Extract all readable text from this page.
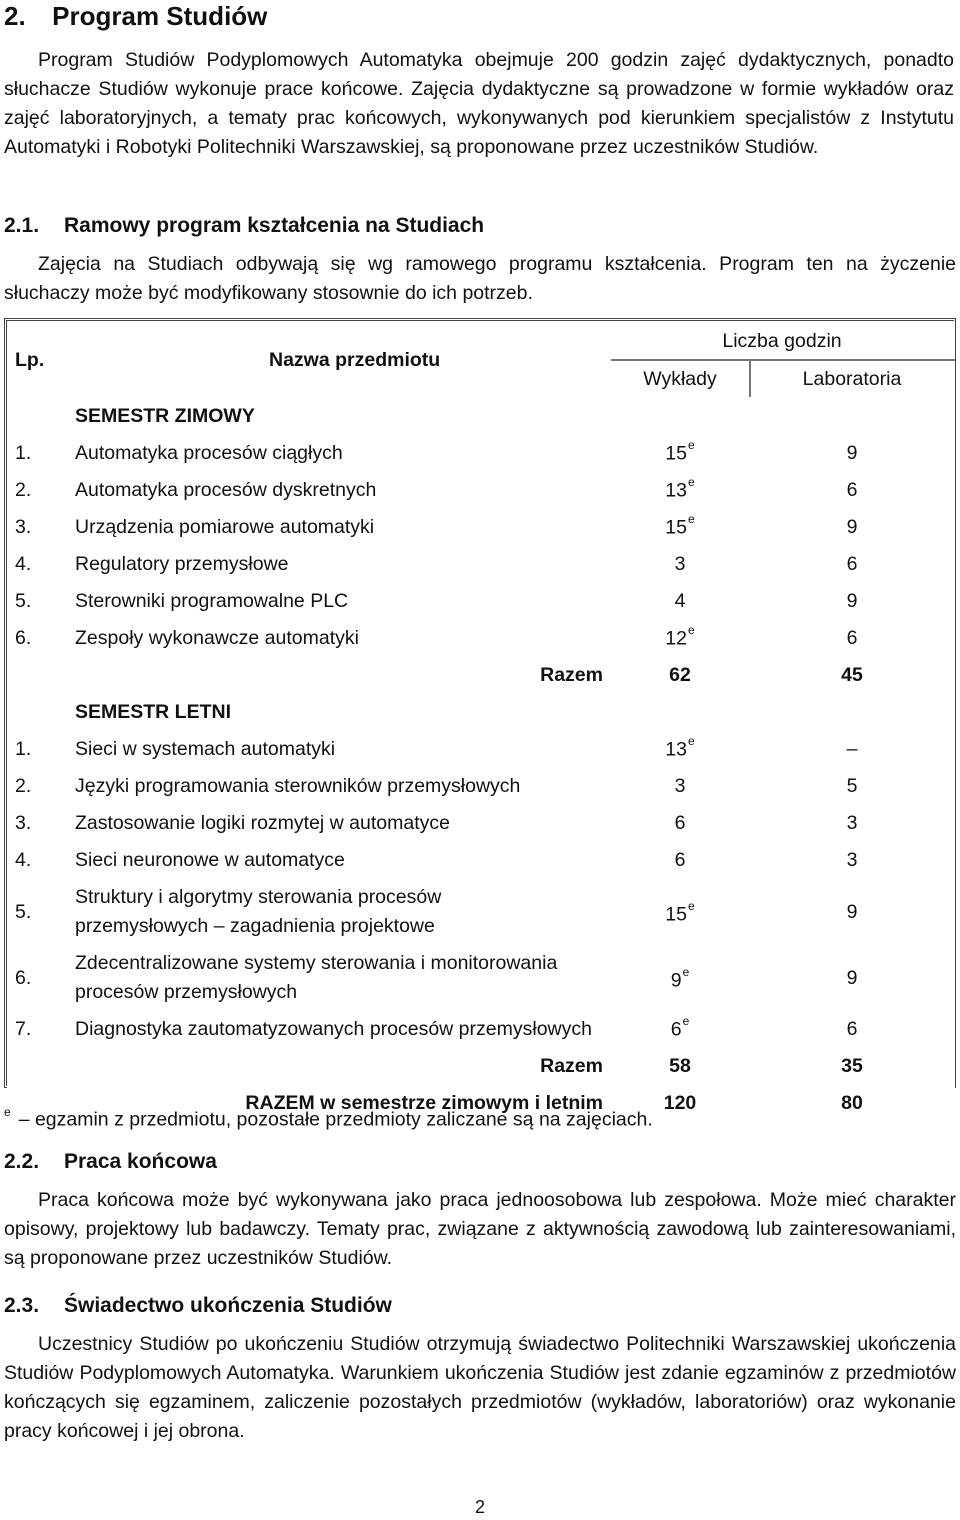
2. Program Studiów
Program Studiów Podyplomowych Automatyka obejmuje 200 godzin zajęć dydaktycznych, ponadto słuchacze Studiów wykonuje prace końcowe. Zajęcia dydaktyczne są prowadzone w formie wykładów oraz zajęć laboratoryjnych, a tematy prac końcowych, wykonywanych pod kierunkiem specjalistów z Instytutu Automatyki i Robotyki Politechniki Warszawskiej, są proponowane przez uczestników Studiów.
2.1. Ramowy program kształcenia na Studiach
Zajęcia na Studiach odbywają się wg ramowego programu kształcenia. Program ten na życzenie słuchaczy może być modyfikowany stosownie do ich potrzeb.
Lp.	Nazwa przedmiotu	Liczba godzin	
		Wykłady	Laboratoria
	SEMESTR ZIMOWY		
1.	Automatyka procesów ciągłych	15e	9
2.	Automatyka procesów dyskretnych	13e	6
3.	Urządzenia pomiarowe automatyki	15e	9
4.	Regulatory przemysłowe	3	6
5.	Sterowniki programowalne PLC	4	9
6.	Zespoły wykonawcze automatyki	12e	6
	Razem	62	45
	SEMESTR LETNI		
1.	Sieci w systemach automatyki	13e	–
2.	Języki programowania sterowników przemysłowych	3	5
3.	Zastosowanie logiki rozmytej w automatyce	6	3
4.	Sieci neuronowe w automatyce	6	3
5.	Struktury i algorytmy sterowania procesów przemysłowych – zagadnienia projektowe	15e	9
6.	Zdecentralizowane systemy sterowania i monitorowania procesów przemysłowych	9e	9
7.	Diagnostyka zautomatyzowanych procesów przemysłowych	6e	6
	Razem	58	35
	RAZEM w semestrze zimowym i letnim	120	80
$^e$ – egzamin z przedmiotu, pozostałe przedmioty zaliczane są na zajęciach.
2.2. Praca końcowa
Praca końcowa może być wykonywana jako praca jednoosobowa lub zespołowa. Może mieć charakter opisowy, projektowy lub badawczy. Tematy prac, związane z aktywnością zawodową lub zainteresowaniami, są proponowane przez uczestników Studiów.
2.3. Świadectwo ukończenia Studiów
Uczestnicy Studiów po ukończeniu Studiów otrzymują świadectwo Politechniki Warszawskiej ukończenia Studiów Podyplomowych Automatyka. Warunkiem ukończenia Studiów jest zdanie egzaminów z przedmiotów kończących się egzaminem, zaliczenie pozostałych przedmiotów (wykładów, laboratoriów) oraz wykonanie pracy końcowej i jej obrona.
2
